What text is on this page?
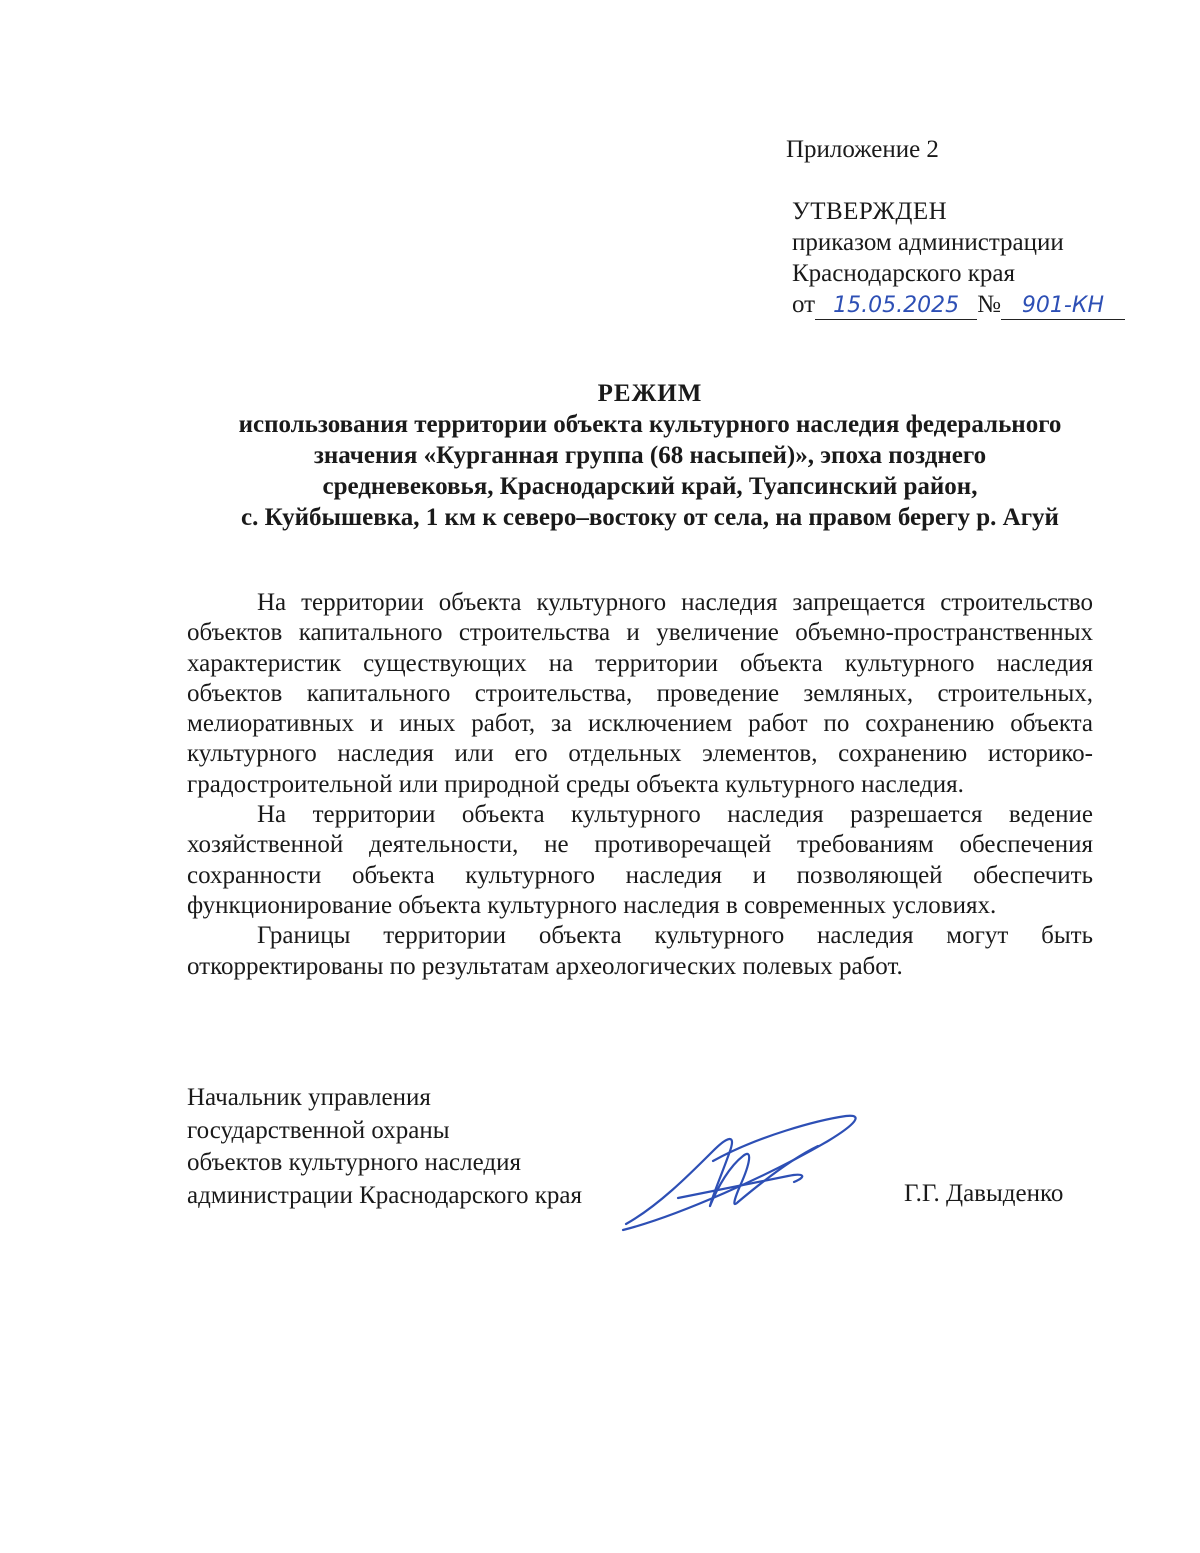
Приложение 2
УТВЕРЖДЕН
приказом администрации
Краснодарского края
от 15.05.2025 № 901-КН
РЕЖИМ
использования территории объекта культурного наследия федерального
значения «Курганная группа (68 насыпей)», эпоха позднего
средневековья, Краснодарский край, Туапсинский район,
с. Куйбышевка, 1 км к северо–востоку от села, на правом берегу р. Агуй

На территории объекта культурного наследия запрещается строительство объектов капитального строительства и увеличение объемно-пространственных характеристик существующих на территории объекта культурного наследия объектов капитального строительства, проведение земляных, строительных, мелиоративных и иных работ, за исключением работ по сохранению объекта культурного наследия или его отдельных элементов, сохранению историко-градостроительной или природной среды объекта культурного наследия.

На территории объекта культурного наследия разрешается ведение хозяйственной деятельности, не противоречащей требованиям обеспечения сохранности объекта культурного наследия и позволяющей обеспечить функционирование объекта культурного наследия в современных условиях.

Границы территории объекта культурного наследия могут быть откорректированы по результатам археологических полевых работ.

Начальник управления
государственной охраны
объектов культурного наследия
администрации Краснодарского края	Г.Г. Давыденко
